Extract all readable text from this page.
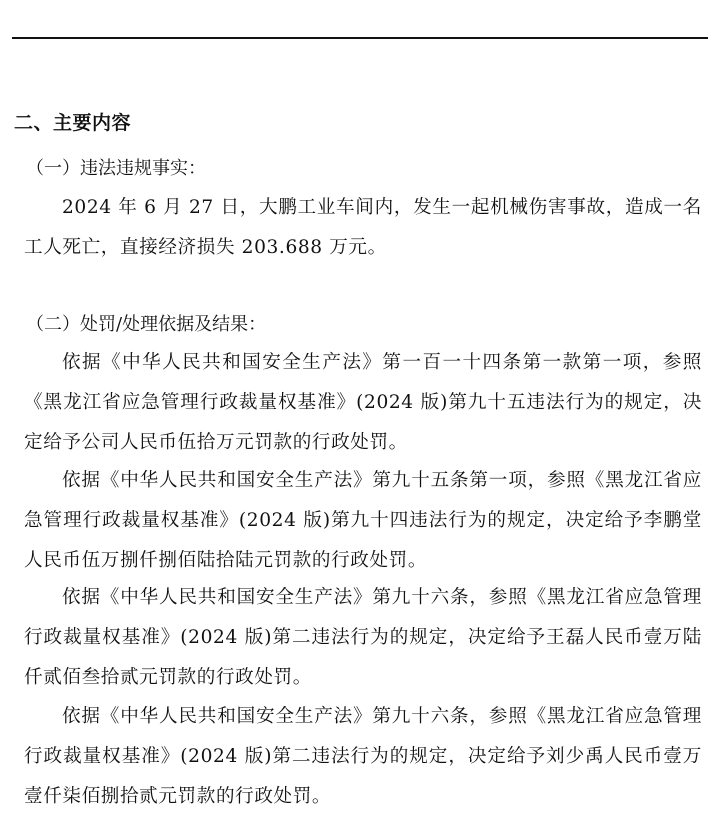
二、主要内容

（一）违法违规事实：

2024 年 6 月 27 日，大鹏工业车间内，发生一起机械伤害事故，造成一名工人死亡，直接经济损失 203.688 万元。

（二）处罚/处理依据及结果：

依据《中华人民共和国安全生产法》第一百一十四条第一款第一项，参照《黑龙江省应急管理行政裁量权基准》(2024 版)第九十五违法行为的规定，决定给予公司人民币伍拾万元罚款的行政处罚。

依据《中华人民共和国安全生产法》第九十五条第一项，参照《黑龙江省应急管理行政裁量权基准》(2024 版)第九十四违法行为的规定，决定给予李鹏堂人民币伍万捌仟捌佰陆拾陆元罚款的行政处罚。

依据《中华人民共和国安全生产法》第九十六条，参照《黑龙江省应急管理行政裁量权基准》(2024 版)第二违法行为的规定，决定给予王磊人民币壹万陆仟贰佰叁拾贰元罚款的行政处罚。

依据《中华人民共和国安全生产法》第九十六条，参照《黑龙江省应急管理行政裁量权基准》(2024 版)第二违法行为的规定，决定给予刘少禹人民币壹万壹仟柒佰捌拾贰元罚款的行政处罚。
